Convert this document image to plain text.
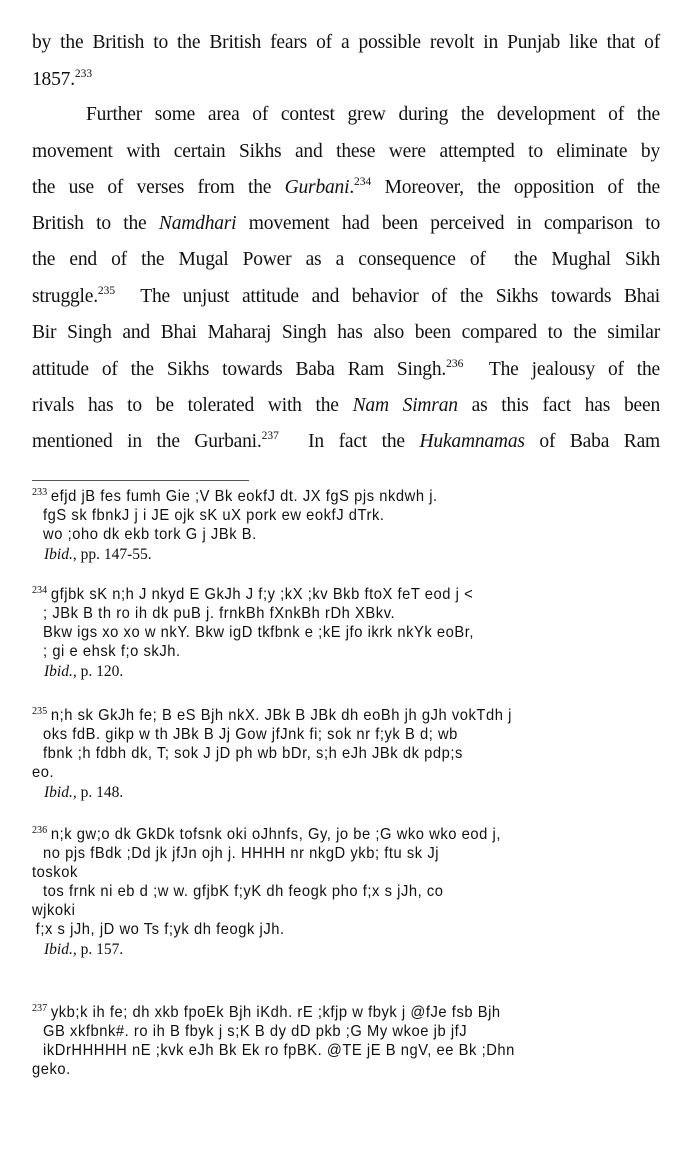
by the British to the British fears of a possible revolt in Punjab like that of
1857.$^{233}$
Further some area of contest grew during the development of the
movement with certain Sikhs and these were attempted to eliminate by
the use of verses from the Gurbani.$^{234}$ Moreover, the opposition of the
British to the Namdhari movement had been perceived in comparison to
the end of the Mugal Power as a consequence of  the Mughal Sikh
struggle.$^{235}$  The unjust attitude and behavior of the Sikhs towards Bhai
Bir Singh and Bhai Maharaj Singh has also been compared to the similar
attitude of the Sikhs towards Baba Ram Singh.$^{236}$  The jealousy of the
rivals has to be tolerated with the Nam Simran as this fact has been
mentioned in the Gurbani.$^{237}$  In fact the Hukamnamas of Baba Ram
$^{233}$ efjd jB fes fumh Gie ;V Bk eokfJ dt. JX fgS pjs nkdwh j.
fgS sk fbnkJ j i JE ojk sK uX pork ew eokfJ dTrk.
wo ;oho dk ekb tork G j JBk B.
Ibid., pp. 147-55.
$^{234}$ gfjbk sK n;h J nkyd E GkJh J f;y ;kX ;kv Bkb ftoX feT eod j <
; JBk B th ro ih dk puB j. frnkBh fXnkBh rDh XBkv.
Bkw igs xo xo w nkY. Bkw igD tkfbnk e ;kE jfo ikrk nkYk eoBr,
; gi e ehsk f;o skJh.
Ibid., p. 120.
$^{235}$ n;h sk GkJh fe; B eS Bjh nkX. JBk B JBk dh eoBh jh gJh vokTdh j
oks fdB. gikp w th JBk B Jj Gow jfJnk fi; sok nr f;yk B d; wb
fbnk ;h fdbh dk, T; sok J jD ph wb bDr, s;h eJh JBk dk pdp;s
eo.
Ibid., p. 148.
$^{236}$ n;k gw;o dk GkDk tofsnk oki oJhnfs, Gy, jo be ;G wko wko eod j,
no pjs fBdk ;Dd jk jfJn ojh j. HHHH nr nkgD ykb; ftu sk Jj
toskok
tos frnk ni eb d ;w w. gfjbK f;yK dh feogk pho f;x s jJh, co
wjkoki
f;x s jJh, jD wo Ts f;yk dh feogk jJh.
Ibid., p. 157.
$^{237}$ ykb;k ih fe; dh xkb fpoEk Bjh iKdh. rE ;kfjp w fbyk j @fJe fsb Bjh
GB xkfbnk#. ro ih B fbyk j s;K B dy dD pkb ;G My wkoe jb jfJ
ikDrHHHHH nE ;kvk eJh Bk Ek ro fpBK. @TE jE B ngV, ee Bk ;Dhn
geko.
